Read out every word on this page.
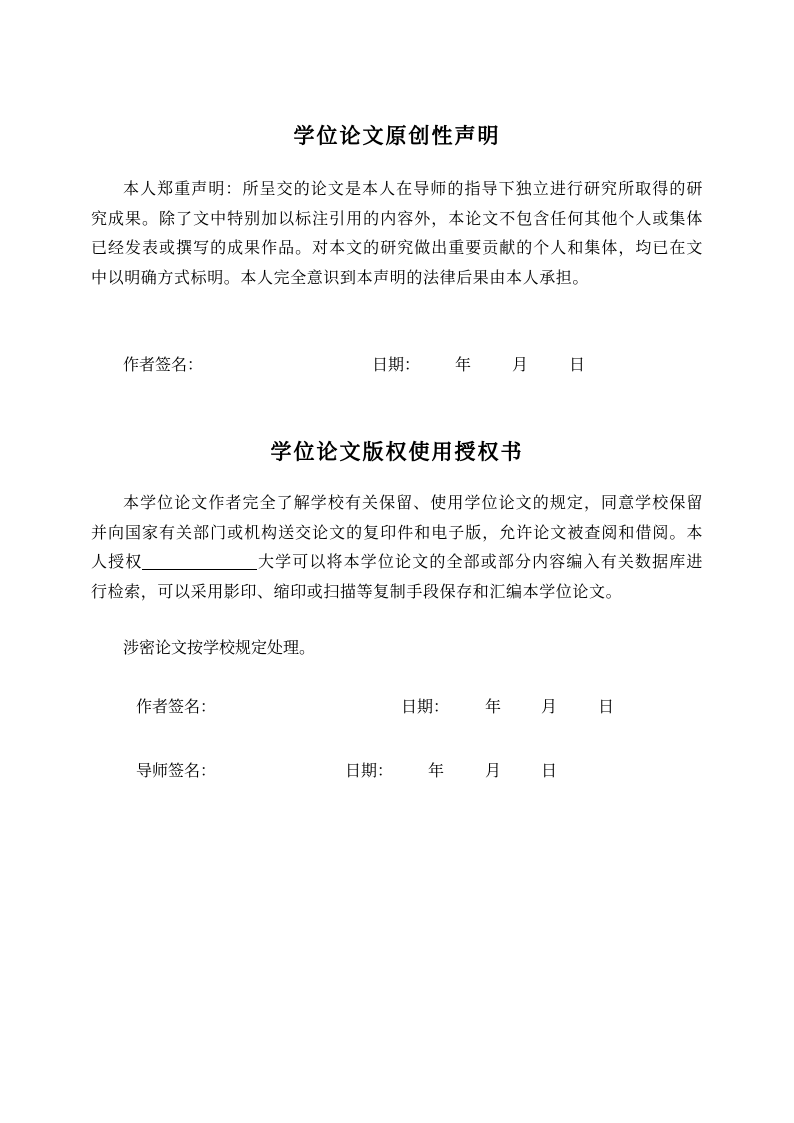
学位论文原创性声明
本人郑重声明：所呈交的论文是本人在导师的指导下独立进行研究所取得的研究成果。除了文中特别加以标注引用的内容外，本论文不包含任何其他个人或集体已经发表或撰写的成果作品。对本文的研究做出重要贡献的个人和集体，均已在文中以明确方式标明。本人完全意识到本声明的法律后果由本人承担。
作者签名：	日期： 年	月	日
学位论文版权使用授权书
本学位论文作者完全了解学校有关保留、使用学位论文的规定，同意学校保留并向国家有关部门或机构送交论文的复印件和电子版，允许论文被查阅和借阅。本人授权	大学可以将本学位论文的全部或部分内容编入有关数据库进行检索，可以采用影印、缩印或扫描等复制手段保存和汇编本学位论文。
涉密论文按学校规定处理。
作者签名：	日期： 年 月	日
导师签名：	日期： 年	月 日
